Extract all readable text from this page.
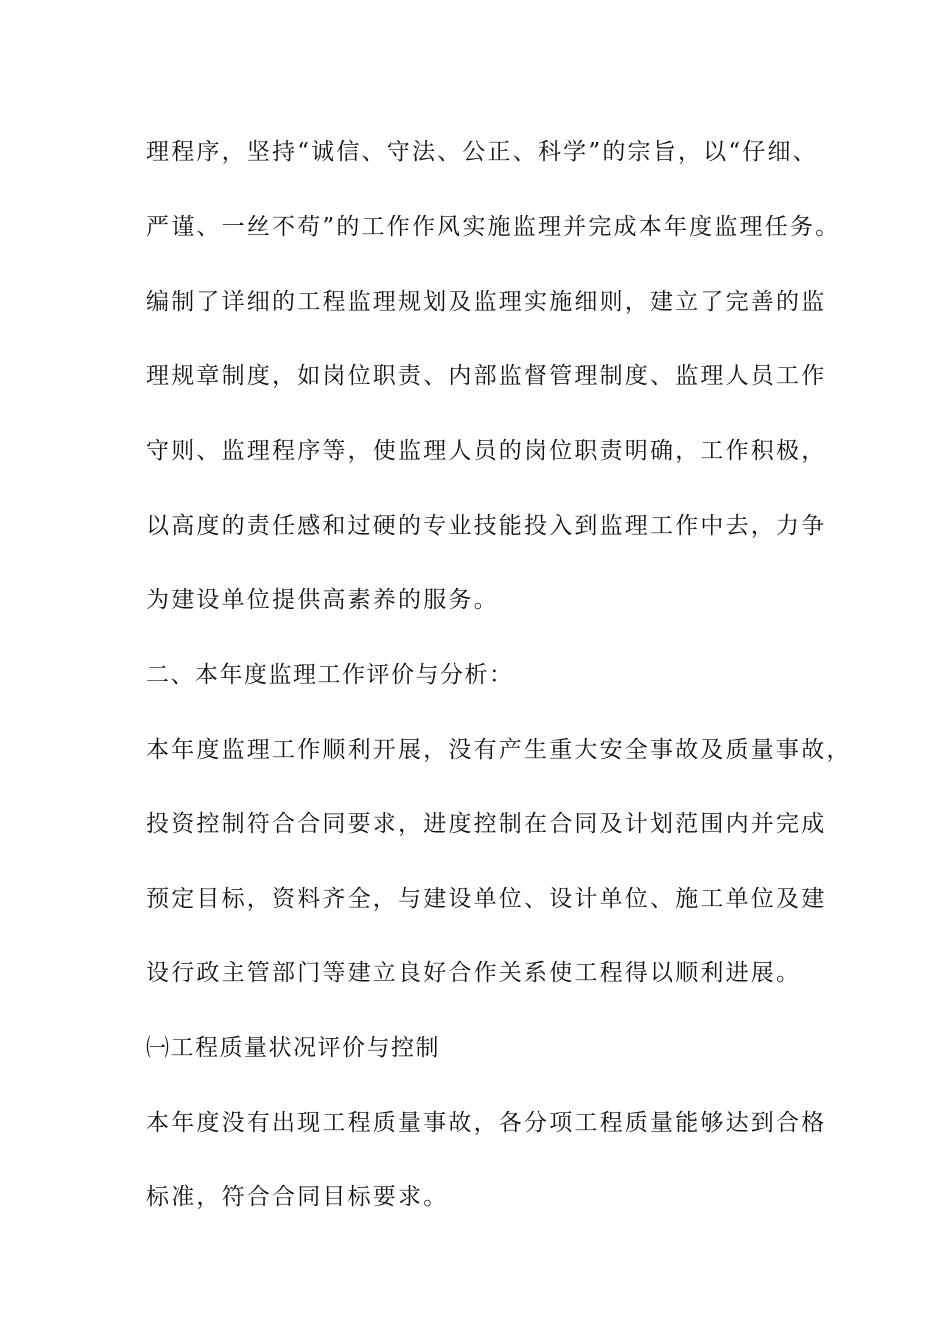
理程序，坚持“诚信、守法、公正、科学”的宗旨，以“仔细、

严谨、一丝不苟”的工作作风实施监理并完成本年度监理任务。

编制了详细的工程监理规划及监理实施细则，建立了完善的监

理规章制度，如岗位职责、内部监督管理制度、监理人员工作

守则、监理程序等，使监理人员的岗位职责明确，工作积极，

以高度的责任感和过硬的专业技能投入到监理工作中去，力争

为建设单位提供高素养的服务。

二、本年度监理工作评价与分析：

本年度监理工作顺利开展，没有产生重大安全事故及质量事故，

投资控制符合合同要求，进度控制在合同及计划范围内并完成

预定目标，资料齐全，与建设单位、设计单位、施工单位及建

设行政主管部门等建立良好合作关系使工程得以顺利进展。

㈠工程质量状况评价与控制

本年度没有出现工程质量事故，各分项工程质量能够达到合格

标准，符合合同目标要求。
